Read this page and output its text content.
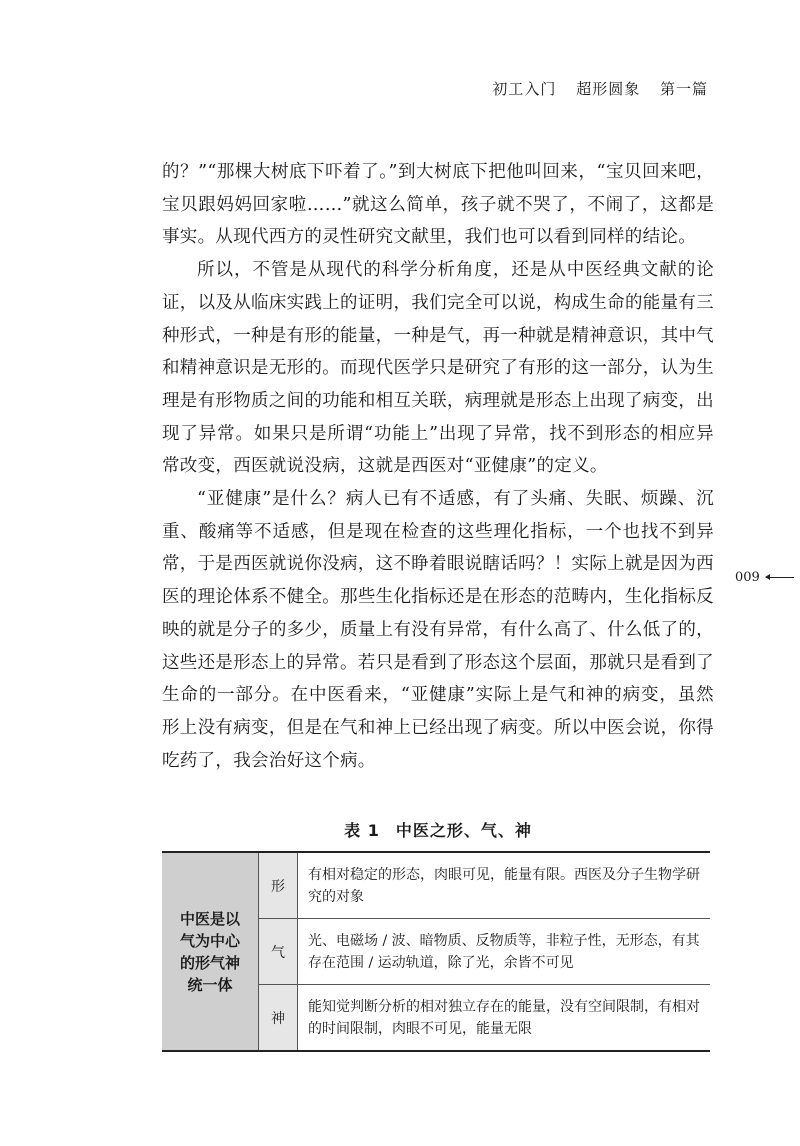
初工入门 超形圆象 第一篇

的？”“那棵大树底下吓着了。”到大树底下把他叫回来，“宝贝回来吧，宝贝跟妈妈回家啦……”就这么简单，孩子就不哭了，不闹了，这都是事实。从现代西方的灵性研究文献里，我们也可以看到同样的结论。

所以，不管是从现代的科学分析角度，还是从中医经典文献的论证，以及从临床实践上的证明，我们完全可以说，构成生命的能量有三种形式，一种是有形的能量，一种是气，再一种就是精神意识，其中气和精神意识是无形的。而现代医学只是研究了有形的这一部分，认为生理是有形物质之间的功能和相互关联，病理就是形态上出现了病变，出现了异常。如果只是所谓“功能上”出现了异常，找不到形态的相应异常改变，西医就说没病，这就是西医对“亚健康”的定义。

“亚健康”是什么？病人已有不适感，有了头痛、失眠、烦躁、沉重、酸痛等不适感，但是现在检查的这些理化指标，一个也找不到异常，于是西医就说你没病，这不睁着眼说瞎话吗？！实际上就是因为西医的理论体系不健全。那些生化指标还是在形态的范畴内，生化指标反映的就是分子的多少，质量上有没有异常，有什么高了、什么低了的，这些还是形态上的异常。若只是看到了形态这个层面，那就只是看到了生命的一部分。在中医看来，“亚健康”实际上是气和神的病变，虽然形上没有病变，但是在气和神上已经出现了病变。所以中医会说，你得吃药了，我会治好这个病。

009
表 1 中医之形、气、神
中医是以
气为中心
的形气神
统一体	形	有相对稳定的形态，肉眼可见，能量有限。西医及分子生物学研究的对象
	气	光、电磁场 / 波、暗物质、反物质等，非粒子性，无形态，有其存在范围 / 运动轨道，除了光，余皆不可见
	神	能知觉判断分析的相对独立存在的能量，没有空间限制，有相对的时间限制，肉眼不可见，能量无限
